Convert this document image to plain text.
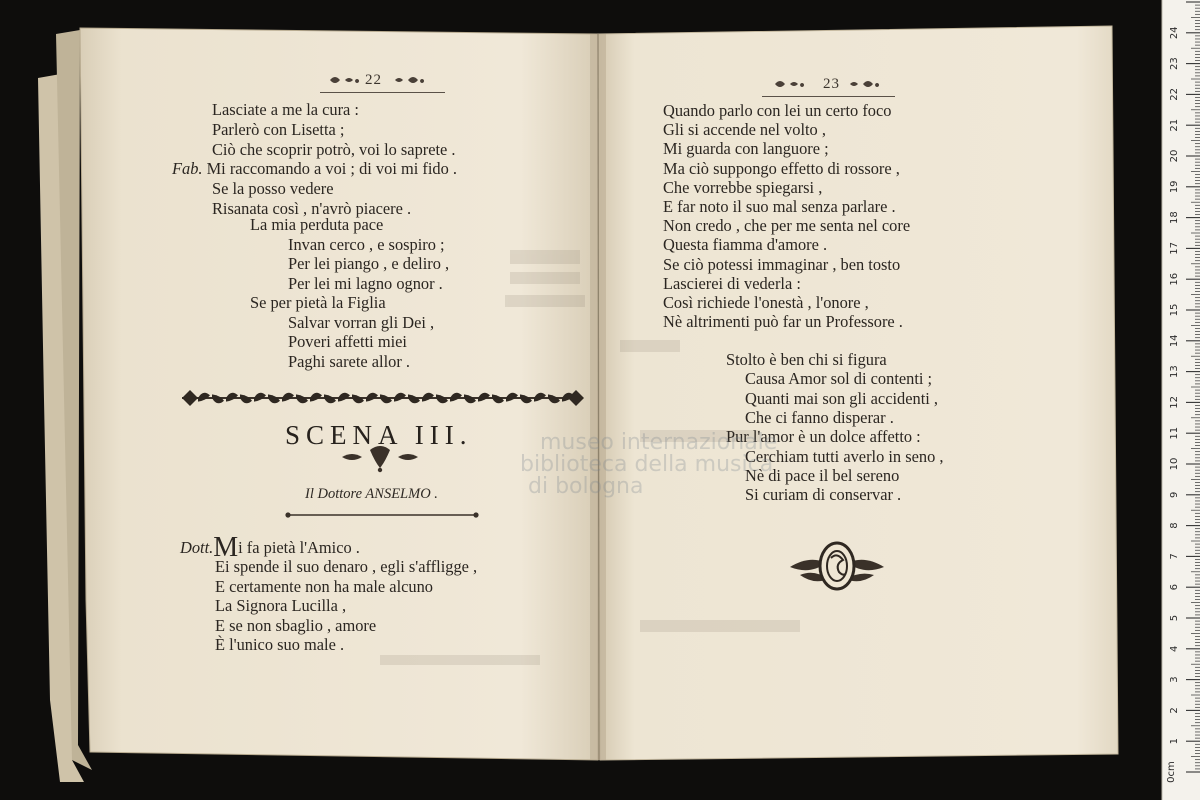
22
Lasciate a me la cura :
Parlerò con Lisetta ;
Ciò che scoprir potrò, voi lo saprete .
Fab. Mi raccomando a voi ; di voi mi fido .
Se la posso vedere
Risanata così , n'avrò piacere .
La mia perduta pace
Invan cerco , e sospiro ;
Per lei piango , e deliro ,
Per lei mi lagno ognor .
Se per pietà la Figlia
Salvar vorran gli Dei ,
Poveri affetti miei
Paghi sarete allor .
SCENA III.
Il Dottore ANSELMO .
Dott.Mi fa pietà l'Amico .
Ei spende il suo denaro , egli s'affligge ,
E certamente non ha male alcuno
La Signora Lucilla ,
E se non sbaglio , amore
È l'unico suo male .
23
Quando parlo con lei un certo foco
Gli si accende nel volto ,
Mi guarda con languore ;
Ma ciò suppongo effetto di rossore ,
Che vorrebbe spiegarsi ,
E far noto il suo mal senza parlare .
Non credo , che per me senta nel core
Questa fiamma d'amore .
Se ciò potessi immaginar , ben tosto
Lascierei di vederla :
Così richiede l'onestà , l'onore ,
Nè altrimenti può far un Professore .
Stolto è ben chi si figura
Causa Amor sol di contenti ;
Quanti mai son gli accidenti ,
Che ci fanno disperar .
Pur l'amor è un dolce affetto :
Cerchiam tutti averlo in seno ,
Nè di pace il bel sereno
Si curiam di conservar .
museo internazionale
biblioteca della musica
di bologna
0cm
1
2
3
4
5
6
7
8
9
10
11
12
13
14
15
16
17
18
19
20
21
22
23
24
